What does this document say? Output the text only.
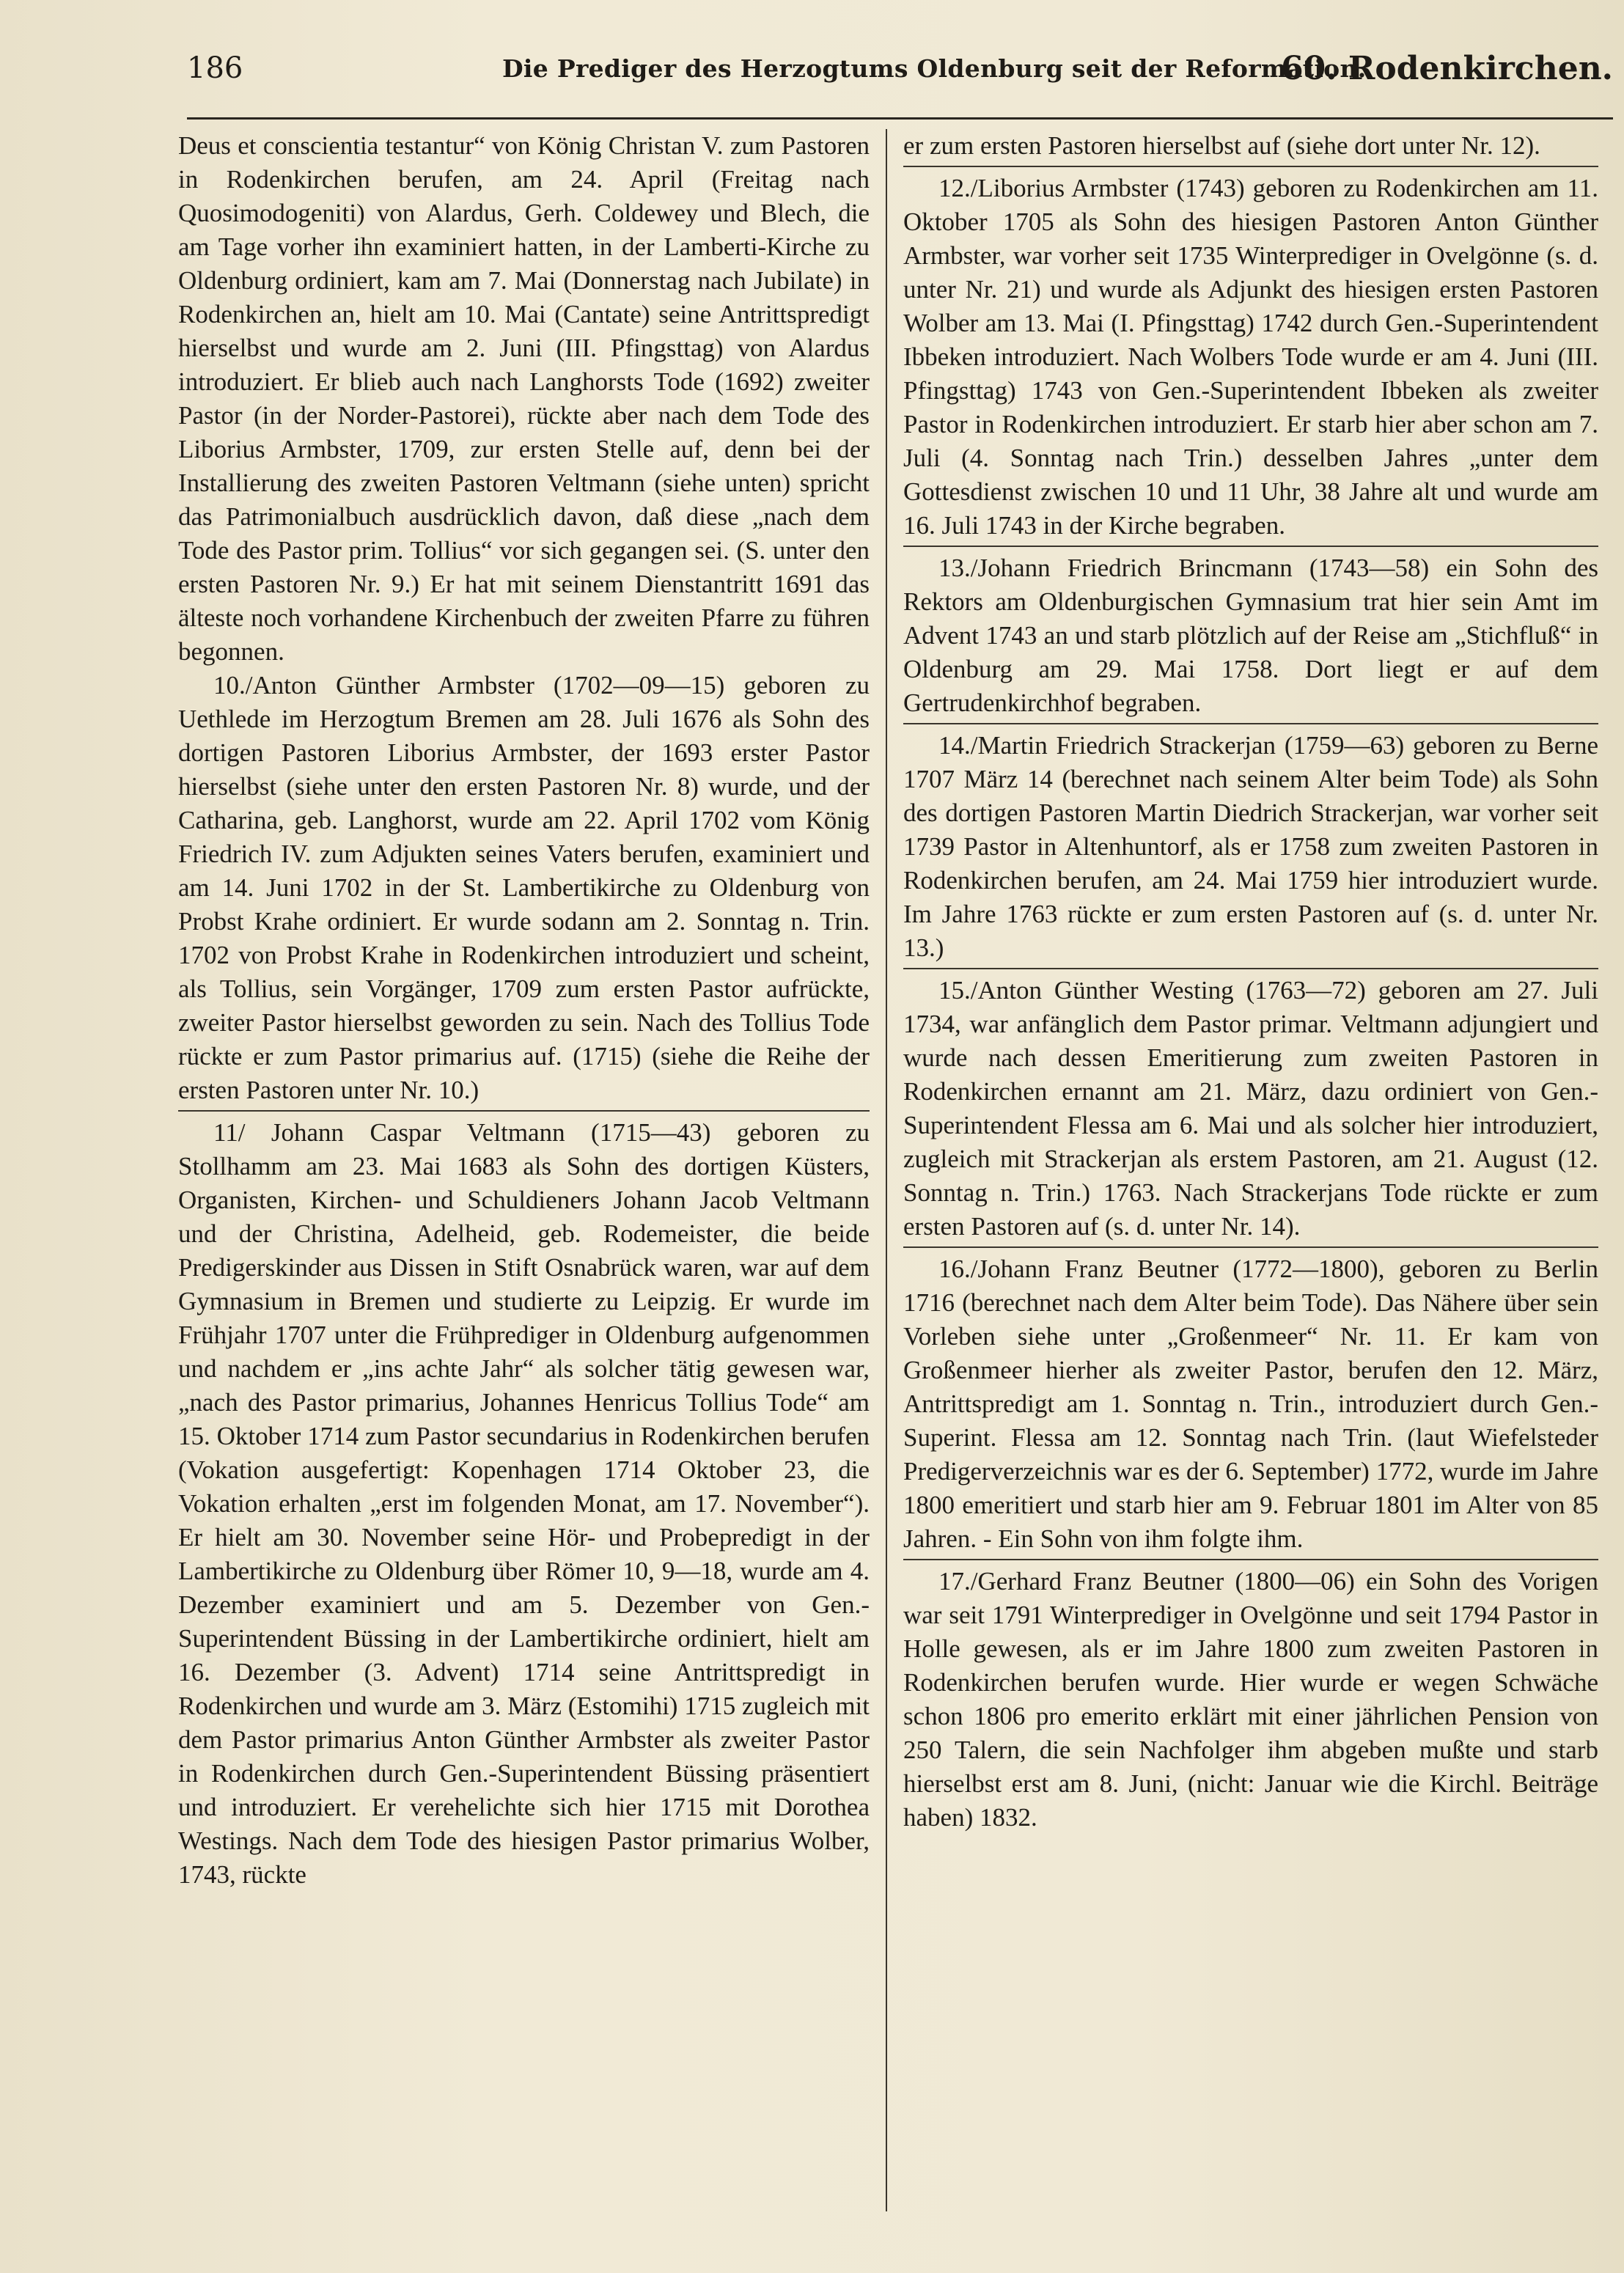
186	Die Prediger des Herzogtums Oldenburg seit der Reformation.
60. Rodenkirchen.

Deus et conscientia testantur“ von König Christan V. zum Pastoren in Rodenkirchen berufen, am 24. April (Freitag nach Quosimodogeniti) von Alardus, Gerh. Coldewey und Blech, die am Tage vorher ihn examiniert hatten, in der Lamberti-Kirche zu Oldenburg ordiniert, kam am 7. Mai (Donnerstag nach Jubilate) in Rodenkirchen an, hielt am 10. Mai (Cantate) seine Antrittspredigt hierselbst und wurde am 2. Juni (III. Pfingsttag) von Alardus introduziert. Er blieb auch nach Langhorsts Tode (1692) zweiter Pastor (in der Norder-Pastorei), rückte aber nach dem Tode des Liborius Armbster, 1709, zur ersten Stelle auf, denn bei der Installierung des zweiten Pastoren Veltmann (siehe unten) spricht das Patrimonialbuch ausdrücklich davon, daß diese „nach dem Tode des Pastor prim. Tollius“ vor sich gegangen sei. (S. unter den ersten Pastoren Nr. 9.) Er hat mit seinem Dienstantritt 1691 das älteste noch vorhandene Kirchenbuch der zweiten Pfarre zu führen begonnen.

10./Anton Günther Armbster (1702—09—15) geboren zu Uethlede im Herzogtum Bremen am 28. Juli 1676 als Sohn des dortigen Pastoren Liborius Armbster, der 1693 erster Pastor hierselbst (siehe unter den ersten Pastoren Nr. 8) wurde, und der Catharina, geb. Langhorst, wurde am 22. April 1702 vom König Friedrich IV. zum Adjukten seines Vaters berufen, examiniert und am 14. Juni 1702 in der St. Lambertikirche zu Oldenburg von Probst Krahe ordiniert. Er wurde sodann am 2. Sonntag n. Trin. 1702 von Probst Krahe in Rodenkirchen introduziert und scheint, als Tollius, sein Vorgänger, 1709 zum ersten Pastor aufrückte, zweiter Pastor hierselbst geworden zu sein. Nach des Tollius Tode rückte er zum Pastor primarius auf. (1715) (siehe die Reihe der ersten Pastoren unter Nr. 10.)

11/ Johann Caspar Veltmann (1715—43) geboren zu Stollhamm am 23. Mai 1683 als Sohn des dortigen Küsters, Organisten, Kirchen- und Schuldieners Johann Jacob Veltmann und der Christina, Adelheid, geb. Rodemeister, die beide Predigerskinder aus Dissen in Stift Osnabrück waren, war auf dem Gymnasium in Bremen und studierte zu Leipzig. Er wurde im Frühjahr 1707 unter die Frühprediger in Oldenburg aufgenommen und nachdem er „ins achte Jahr“ als solcher tätig gewesen war, „nach des Pastor primarius, Johannes Henricus Tollius Tode“ am 15. Oktober 1714 zum Pastor secundarius in Rodenkirchen berufen (Vokation ausgefertigt: Kopenhagen 1714 Oktober 23, die Vokation erhalten „erst im folgenden Monat, am 17. November“). Er hielt am 30. November seine Hör- und Probepredigt in der Lambertikirche zu Oldenburg über Römer 10, 9—18, wurde am 4. Dezember examiniert und am 5. Dezember von Gen.-Superintendent Büssing in der Lambertikirche ordiniert, hielt am 16. Dezember (3. Advent) 1714 seine Antrittspredigt in Rodenkirchen und wurde am 3. März (Estomihi) 1715 zugleich mit dem Pastor primarius Anton Günther Armbster als zweiter Pastor in Rodenkirchen durch Gen.-Superintendent Büssing präsentiert und introduziert. Er verehelichte sich hier 1715 mit Dorothea Westings. Nach dem Tode des hiesigen Pastor primarius Wolber, 1743, rückte

er zum ersten Pastoren hierselbst auf (siehe dort unter Nr. 12).

12./Liborius Armbster (1743) geboren zu Rodenkirchen am 11. Oktober 1705 als Sohn des hiesigen Pastoren Anton Günther Armbster, war vorher seit 1735 Winterprediger in Ovelgönne (s. d. unter Nr. 21) und wurde als Adjunkt des hiesigen ersten Pastoren Wolber am 13. Mai (I. Pfingsttag) 1742 durch Gen.-Superintendent Ibbeken introduziert. Nach Wolbers Tode wurde er am 4. Juni (III. Pfingsttag) 1743 von Gen.-Superintendent Ibbeken als zweiter Pastor in Rodenkirchen introduziert. Er starb hier aber schon am 7. Juli (4. Sonntag nach Trin.) desselben Jahres „unter dem Gottesdienst zwischen 10 und 11 Uhr, 38 Jahre alt und wurde am 16. Juli 1743 in der Kirche begraben.

13./Johann Friedrich Brincmann (1743—58) ein Sohn des Rektors am Oldenburgischen Gymnasium trat hier sein Amt im Advent 1743 an und starb plötzlich auf der Reise am „Stichfluß“ in Oldenburg am 29. Mai 1758. Dort liegt er auf dem Gertrudenkirchhof begraben.

14./Martin Friedrich Strackerjan (1759—63) geboren zu Berne 1707 März 14 (berechnet nach seinem Alter beim Tode) als Sohn des dortigen Pastoren Martin Diedrich Strackerjan, war vorher seit 1739 Pastor in Altenhuntorf, als er 1758 zum zweiten Pastoren in Rodenkirchen berufen, am 24. Mai 1759 hier introduziert wurde. Im Jahre 1763 rückte er zum ersten Pastoren auf (s. d. unter Nr. 13.)

15./Anton Günther Westing (1763—72) geboren am 27. Juli 1734, war anfänglich dem Pastor primar. Veltmann adjungiert und wurde nach dessen Emeritierung zum zweiten Pastoren in Rodenkirchen ernannt am 21. März, dazu ordiniert von Gen.-Superintendent Flessa am 6. Mai und als solcher hier introduziert, zugleich mit Strackerjan als erstem Pastoren, am 21. August (12. Sonntag n. Trin.) 1763. Nach Strackerjans Tode rückte er zum ersten Pastoren auf (s. d. unter Nr. 14).

16./Johann Franz Beutner (1772—1800), geboren zu Berlin 1716 (berechnet nach dem Alter beim Tode). Das Nähere über sein Vorleben siehe unter „Großenmeer“ Nr. 11. Er kam von Großenmeer hierher als zweiter Pastor, berufen den 12. März, Antrittspredigt am 1. Sonntag n. Trin., introduziert durch Gen.-Superint. Flessa am 12. Sonntag nach Trin. (laut Wiefelsteder Predigerverzeichnis war es der 6. September) 1772, wurde im Jahre 1800 emeritiert und starb hier am 9. Februar 1801 im Alter von 85 Jahren. - Ein Sohn von ihm folgte ihm.

17./Gerhard Franz Beutner (1800—06) ein Sohn des Vorigen war seit 1791 Winterprediger in Ovelgönne und seit 1794 Pastor in Holle gewesen, als er im Jahre 1800 zum zweiten Pastoren in Rodenkirchen berufen wurde. Hier wurde er wegen Schwäche schon 1806 pro emerito erklärt mit einer jährlichen Pension von 250 Talern, die sein Nachfolger ihm abgeben mußte und starb hierselbst erst am 8. Juni, (nicht: Januar wie die Kirchl. Beiträge haben) 1832.
